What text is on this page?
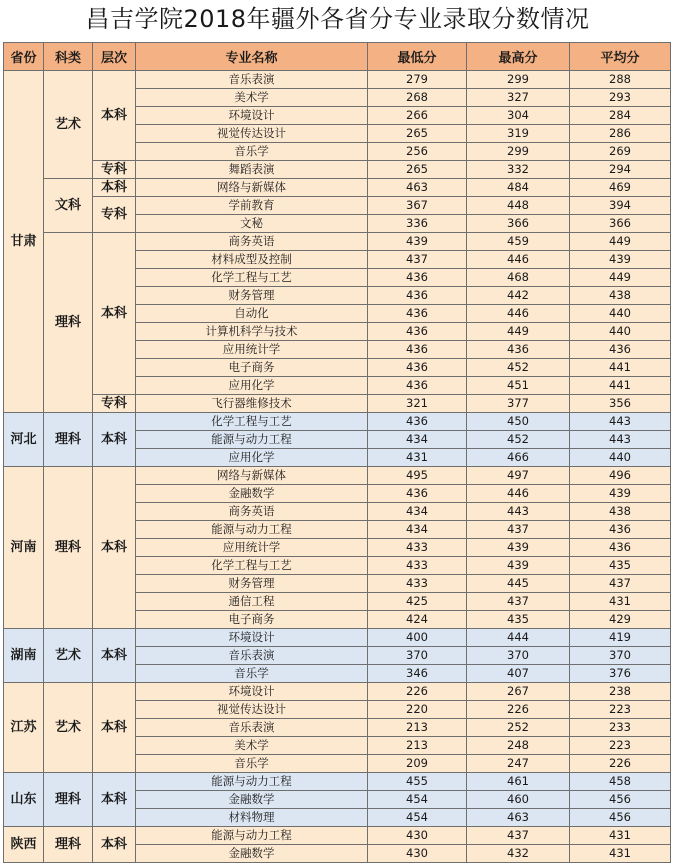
昌吉学院2018年疆外各省分专业录取分数情况
省份	科类	层次	专业名称	最低分	最高分	平均分
甘肃	艺术	本科	音乐表演	279	299	288
			美术学	268	327	293
			环境设计	266	304	284
			视觉传达设计	265	319	286
			音乐学	256	299	269
		专科	舞蹈表演	265	332	294
	文科	本科	网络与新媒体	463	484	469
		专科	学前教育	367	448	394
			文秘	336	366	366
	理科	本科	商务英语	439	459	449
			材料成型及控制	437	446	439
			化学工程与工艺	436	468	449
			财务管理	436	442	438
			自动化	436	446	440
			计算机科学与技术	436	449	440
			应用统计学	436	436	436
			电子商务	436	452	441
			应用化学	436	451	441
		专科	飞行器维修技术	321	377	356
河北	理科	本科	化学工程与工艺	436	450	443
			能源与动力工程	434	452	443
			应用化学	431	466	440
河南	理科	本科	网络与新媒体	495	497	496
			金融数学	436	446	439
			商务英语	434	443	438
			能源与动力工程	434	437	436
			应用统计学	433	439	436
			化学工程与工艺	433	439	435
			财务管理	433	445	437
			通信工程	425	437	431
			电子商务	424	435	429
湖南	艺术	本科	环境设计	400	444	419
			音乐表演	370	370	370
			音乐学	346	407	376
江苏	艺术	本科	环境设计	226	267	238
			视觉传达设计	220	226	223
			音乐表演	213	252	233
			美术学	213	248	223
			音乐学	209	247	226
山东	理科	本科	能源与动力工程	455	461	458
			金融数学	454	460	456
			材料物理	454	463	456
陕西	理科	本科	能源与动力工程	430	437	431
			金融数学	430	432	431
